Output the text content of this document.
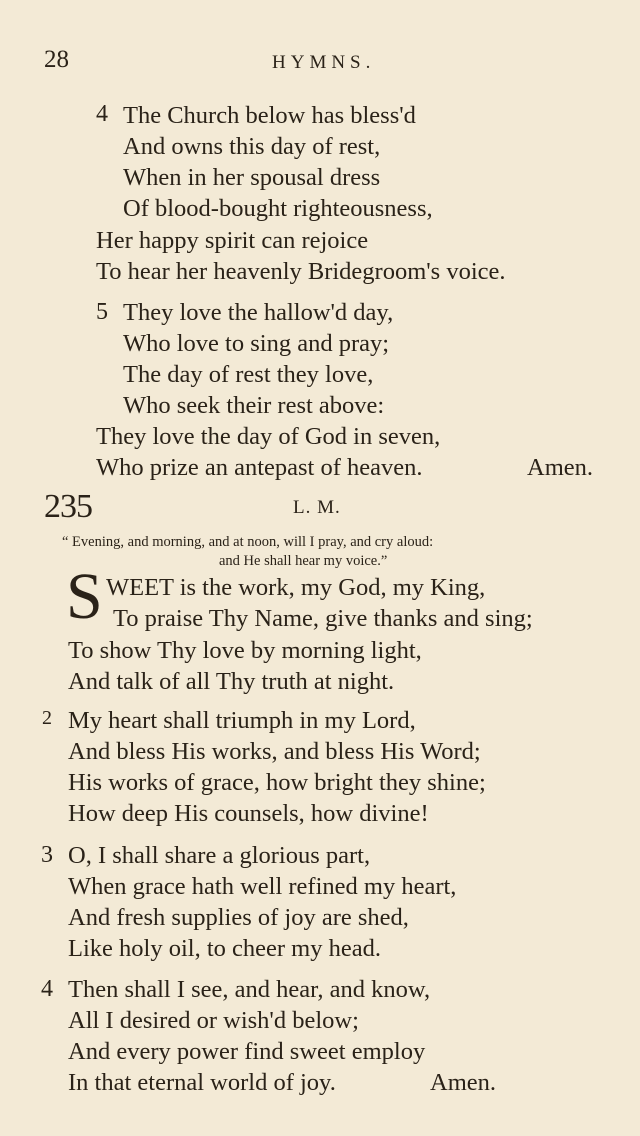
28	HYMNS.
4 The Church below has bless'd
And owns this day of rest,
When in her spousal dress
Of blood-bought righteousness,
Her happy spirit can rejoice
To hear her heavenly Bridegroom's voice.
5 They love the hallow'd day,
Who love to sing and pray;
The day of rest they love,
Who seek their rest above:
They love the day of God in seven,
Who prize an antepast of heaven.	Amen.
235	L. M.
“ Evening, and morning, and at noon, will I pray, and cry aloud:
and He shall hear my voice.”
S WEET is the work, my God, my King,
To praise Thy Name, give thanks and sing;
To show Thy love by morning light,
And talk of all Thy truth at night.
2 My heart shall triumph in my Lord,
And bless His works, and bless His Word;
His works of grace, how bright they shine;
How deep His counsels, how divine!
3 O, I shall share a glorious part,
When grace hath well refined my heart,
And fresh supplies of joy are shed,
Like holy oil, to cheer my head.
4 Then shall I see, and hear, and know,
All I desired or wish'd below;
And every power find sweet employ
In that eternal world of joy.	Amen.
